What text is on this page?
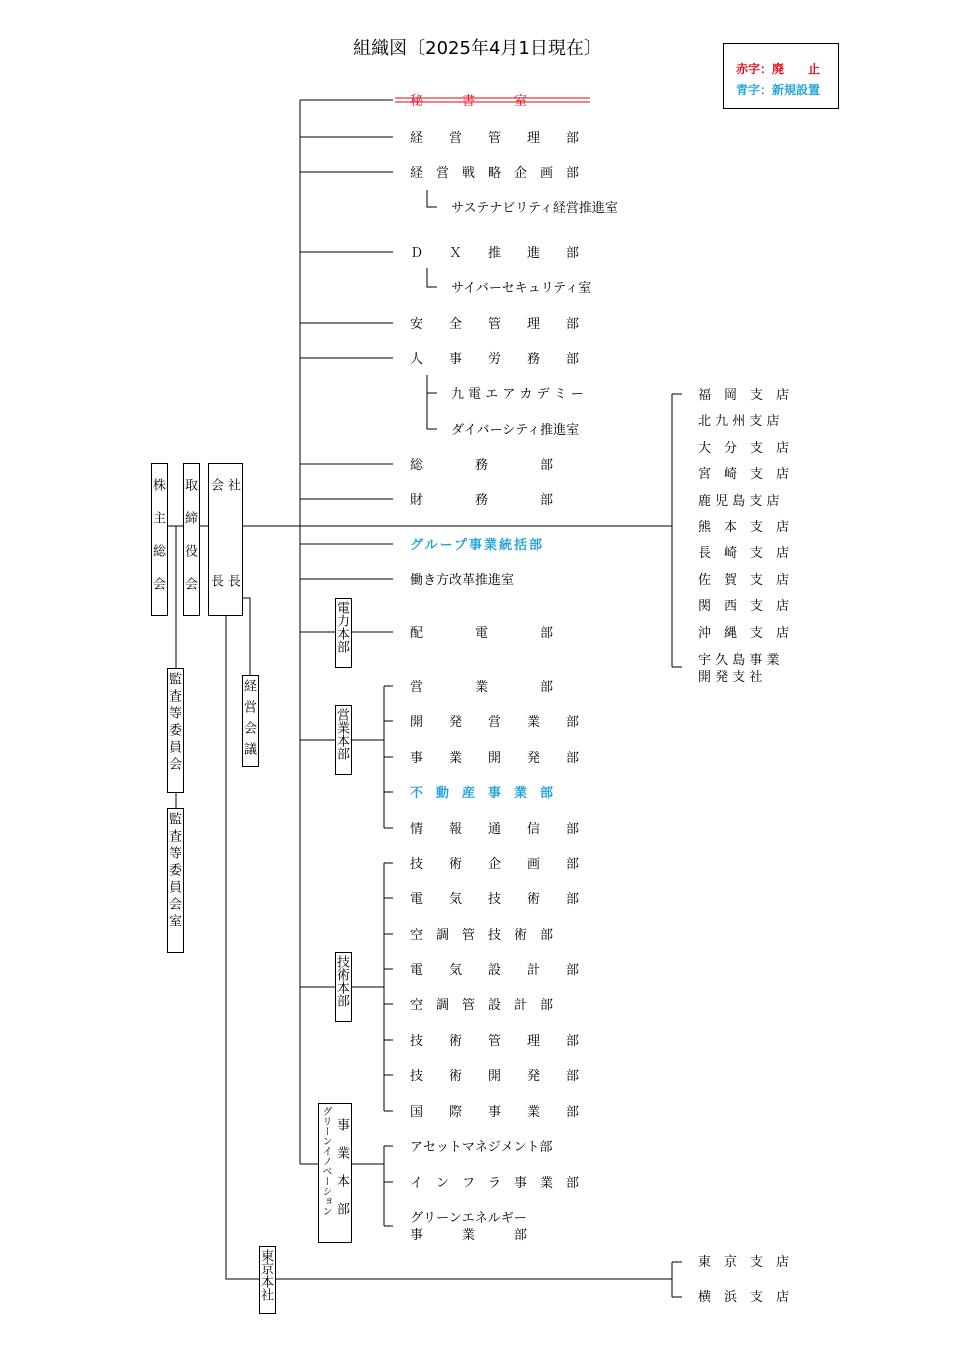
組織図〔2025年4月1日現在〕
赤字：廃　　止
青字：新規設置
株主総会 取締役会 会長 社長
監査等委員会
監査等委員会室
経営会議
東京本社
電力本部
営業本部
技術本部
グリーンイノベーション 事業本部
秘　　　書　　　室
経　　営　　管　　理　　部
経　営　戦　略　企　画　部
サステナビリティ経営推進室
Ｄ　　Ｘ　　推　　進　　部
サイバーセキュリティ室
安　　全　　管　　理　　部
人　　事　　労　　務　　部
九 電 エ ア カ デ ミ ー
ダイバーシティ推進室
総　　　　務　　　　部
財　　　　務　　　　部
グループ事業統括部
働き方改革推進室
配　　　　電　　　　部
営　　　　業　　　　部
開　　発　　営　　業　　部
事　　業　　開　　発　　部
不　動　産　事　業　部
情　　報　　通　　信　　部
技　　術　　企　　画　　部
電　　気　　技　　術　　部
空　調　管　技　術　部
電　　気　　設　　計　　部
空　調　管　設　計　部
技　　術　　管　　理　　部
技　　術　　開　　発　　部
国　　際　　事　　業　　部
アセットマネジメント部
イ　ン　フ　ラ　事　業　部
グリーンエネルギー
事　　　業　　　部
福　岡　支　店
北 九 州 支 店
大　分　支　店
宮　崎　支　店
鹿 児 島 支 店
熊　本　支　店
長　崎　支　店
佐　賀　支　店
関　西　支　店
沖　縄　支　店
宇 久 島 事 業
開 発 支 社
東　京　支　店
横　浜　支　店
